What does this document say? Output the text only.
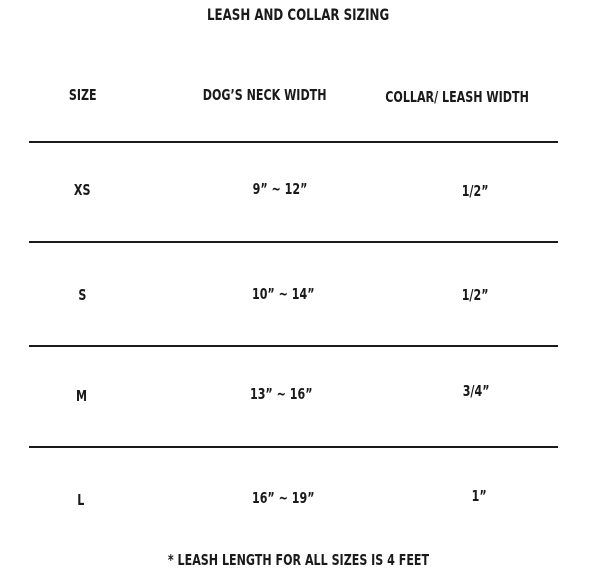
LEASH AND COLLAR SIZING
SIZE	DOG’S NECK WIDTH	COLLAR/ LEASH WIDTH
XS	9” ~ 12”	1/2”
S	10” ~ 14”	1/2”
M	13” ~ 16”	3/4”
L	16” ~ 19”	1”
* LEASH LENGTH FOR ALL SIZES IS 4 FEET
